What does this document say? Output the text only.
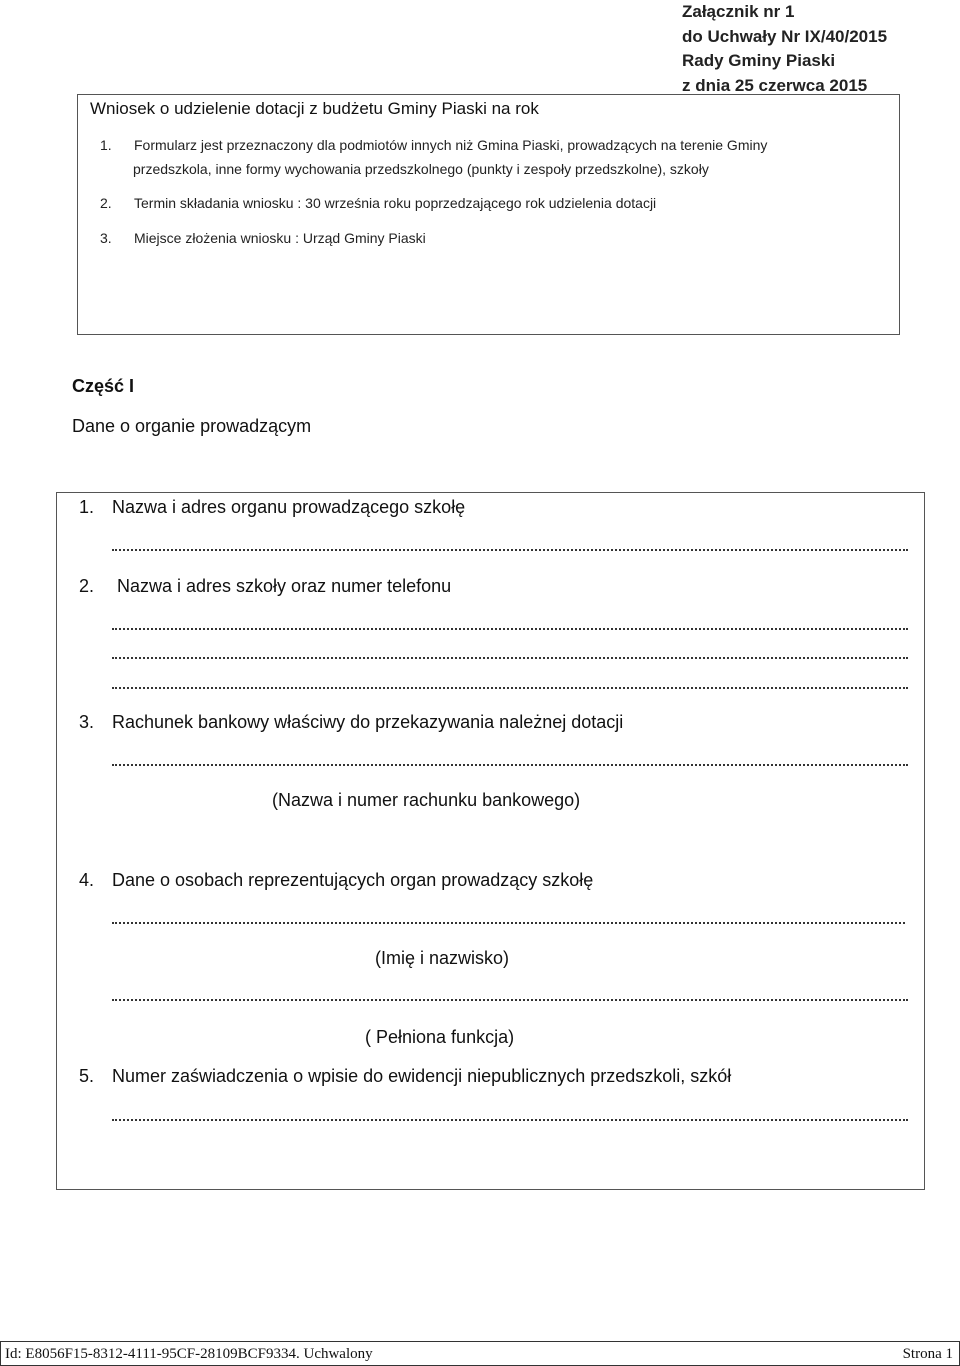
Załącznik nr 1
do Uchwały Nr IX/40/2015
Rady Gminy Piaski
z dnia 25 czerwca 2015
Wniosek o udzielenie dotacji z budżetu Gminy Piaski na rok
1. Formularz jest przeznaczony dla podmiotów innych niż Gmina Piaski, prowadzących na terenie Gminy
przedszkola, inne formy wychowania przedszkolnego (punkty i zespoły przedszkolne), szkoły
2. Termin składania wniosku : 30 września roku poprzedzającego rok udzielenia dotacji
3. Miejsce złożenia wniosku : Urząd Gminy Piaski
Część I
Dane o organie prowadzącym
1. Nazwa i adres organu prowadzącego szkołę
2. Nazwa i adres szkoły oraz numer telefonu
3. Rachunek bankowy właściwy do przekazywania należnej dotacji
(Nazwa i numer rachunku bankowego)
4. Dane o osobach reprezentujących organ prowadzący szkołę
(Imię i nazwisko)
( Pełniona funkcja)
5. Numer zaświadczenia o wpisie do ewidencji niepublicznych przedszkoli, szkół
Id: E8056F15-8312-4111-95CF-28109BCF9334. Uchwalony	Strona 1
